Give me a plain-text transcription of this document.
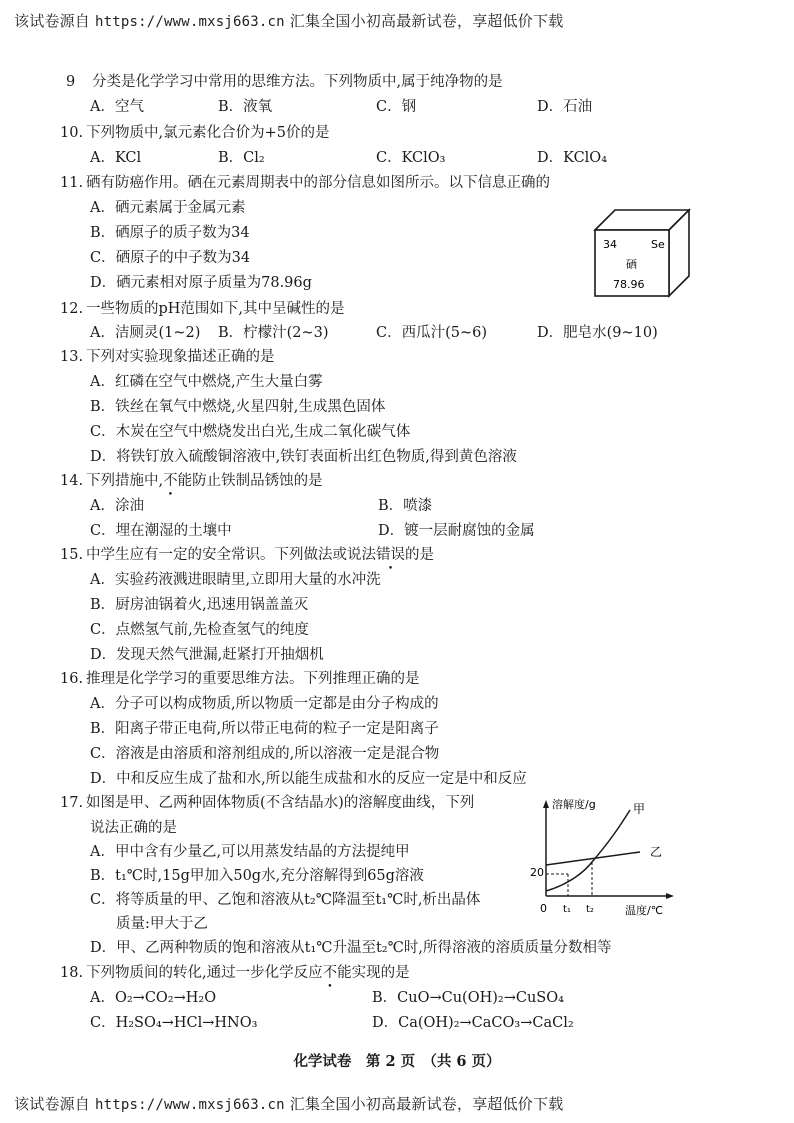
该试卷源自 https://www.mxsj663.cn 汇集全国小初高最新试卷，享超低价下载
9 分类是化学学习中常用的思维方法。下列物质中,属于纯净物的是
A．空气	B．液氧	C．钢	D．石油
10. 下列物质中,氯元素化合价为+5价的是
A．KCl	B．Cl₂	C．KClO₃	D．KClO₄
11. 硒有防癌作用。硒在元素周期表中的部分信息如图所示。以下信息正确的
A．硒元素属于金属元素
B．硒原子的质子数为34
C．硒原子的中子数为34
D．硒元素相对原子质量为78.96g
34	Se
硒
78.96
12. 一些物质的pH范围如下,其中呈碱性的是
A．洁厕灵(1~2) B．柠檬汁(2~3)	C．西瓜汁(5~6)	D．肥皂水(9~10)
13. 下列对实验现象描述正确的是
A．红磷在空气中燃烧,产生大量白雾
B．铁丝在氧气中燃烧,火星四射,生成黑色固体
C．木炭在空气中燃烧发出白光,生成二氧化碳气体
D．将铁钉放入硫酸铜溶液中,铁钉表面析出红色物质,得到黄色溶液
14. 下列措施中,不能防止铁制品锈蚀的是
A．涂油	B．喷漆
C．埋在潮湿的土壤中	D．镀一层耐腐蚀的金属
15. 中学生应有一定的安全常识。下列做法或说法错误的是
A．实验药液溅进眼睛里,立即用大量的水冲洗
B．厨房油锅着火,迅速用锅盖盖灭
C．点燃氢气前,先检查氢气的纯度
D．发现天然气泄漏,赶紧打开抽烟机
16. 推理是化学学习的重要思维方法。下列推理正确的是
A．分子可以构成物质,所以物质一定都是由分子构成的
B．阳离子带正电荷,所以带正电荷的粒子一定是阳离子
C．溶液是由溶质和溶剂组成的,所以溶液一定是混合物
D．中和反应生成了盐和水,所以能生成盐和水的反应一定是中和反应
17. 如图是甲、乙两种固体物质(不含结晶水)的溶解度曲线，下列
说法正确的是
A．甲中含有少量乙,可以用蒸发结晶的方法提纯甲
B．t₁℃时,15g甲加入50g水,充分溶解得到65g溶液
C．将等质量的甲、乙饱和溶液从t₂℃降温至t₁℃时,析出晶体
质量:甲大于乙
D．甲、乙两种物质的饱和溶液从t₁℃升温至t₂℃时,所得溶液的溶质质量分数相等
溶解度/g
温度/℃
0 t₁ t₂
20
甲
乙
18. 下列物质间的转化,通过一步化学反应不能实现的是
A．O₂→CO₂→H₂O	B．CuO→Cu(OH)₂→CuSO₄
C．H₂SO₄→HCl→HNO₃	D．Ca(OH)₂→CaCO₃→CaCl₂
化学试卷　第 2 页　（共 6 页）
该试卷源自 https://www.mxsj663.cn 汇集全国小初高最新试卷，享超低价下载
